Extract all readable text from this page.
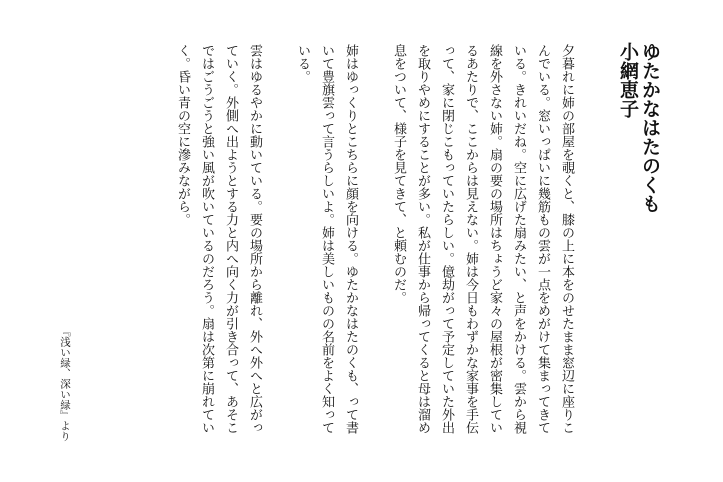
ゆたかなはたのくも
小網恵子
夕暮れに姉の部屋を覗くと、膝の上に本をのせたまま窓辺に座りこ
んでいる。窓いっぱいに幾筋もの雲が一点をめがけて集まってきて
いる。きれいだね。空に広げた扇みたい、と声をかける。雲から視
線を外さない姉。扇の要の場所はちょうど家々の屋根が密集してい
るあたりで、ここからは見えない。姉は今日もわずかな家事を手伝
って、家に閉じこもっていたらしい。億劫がって予定していた外出
を取りやめにすることが多い。私が仕事から帰ってくると母は溜め
息をついて、様子を見てきて、と頼むのだ。
姉はゆっくりとこちらに顔を向ける。ゆたかなはたのくも、って書
いて豊旗雲って言うらしいよ。姉は美しいものの名前をよく知って
いる。
雲はゆるやかに動いている。要の場所から離れ、外へ外へと広がっ
ていく。外側へ出ようとする力と内へ向く力が引き合って、あそこ
ではごうごうと強い風が吹いているのだろう。扇は次第に崩れてい
く。昏い青の空に滲みながら。
『浅い緑、深い緑』より
